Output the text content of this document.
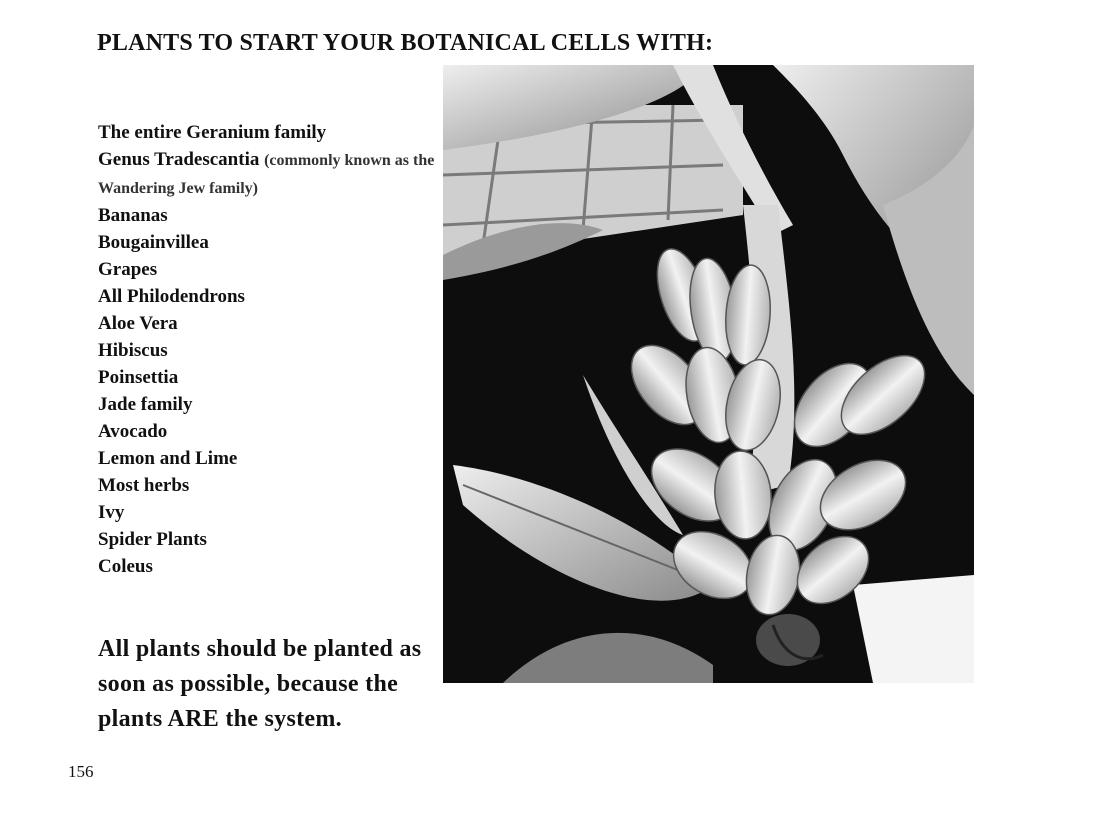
PLANTS TO START YOUR BOTANICAL CELLS WITH:
The entire Geranium family
Genus Tradescantia (commonly known as the Wandering Jew family)
Bananas
Bougainvillea
Grapes
All Philodendrons
Aloe Vera
Hibiscus
Poinsettia
Jade family
Avocado
Lemon and Lime
Most herbs
Ivy
Spider Plants
Coleus
All plants should be planted as soon as possible, because the plants ARE the system.
156
